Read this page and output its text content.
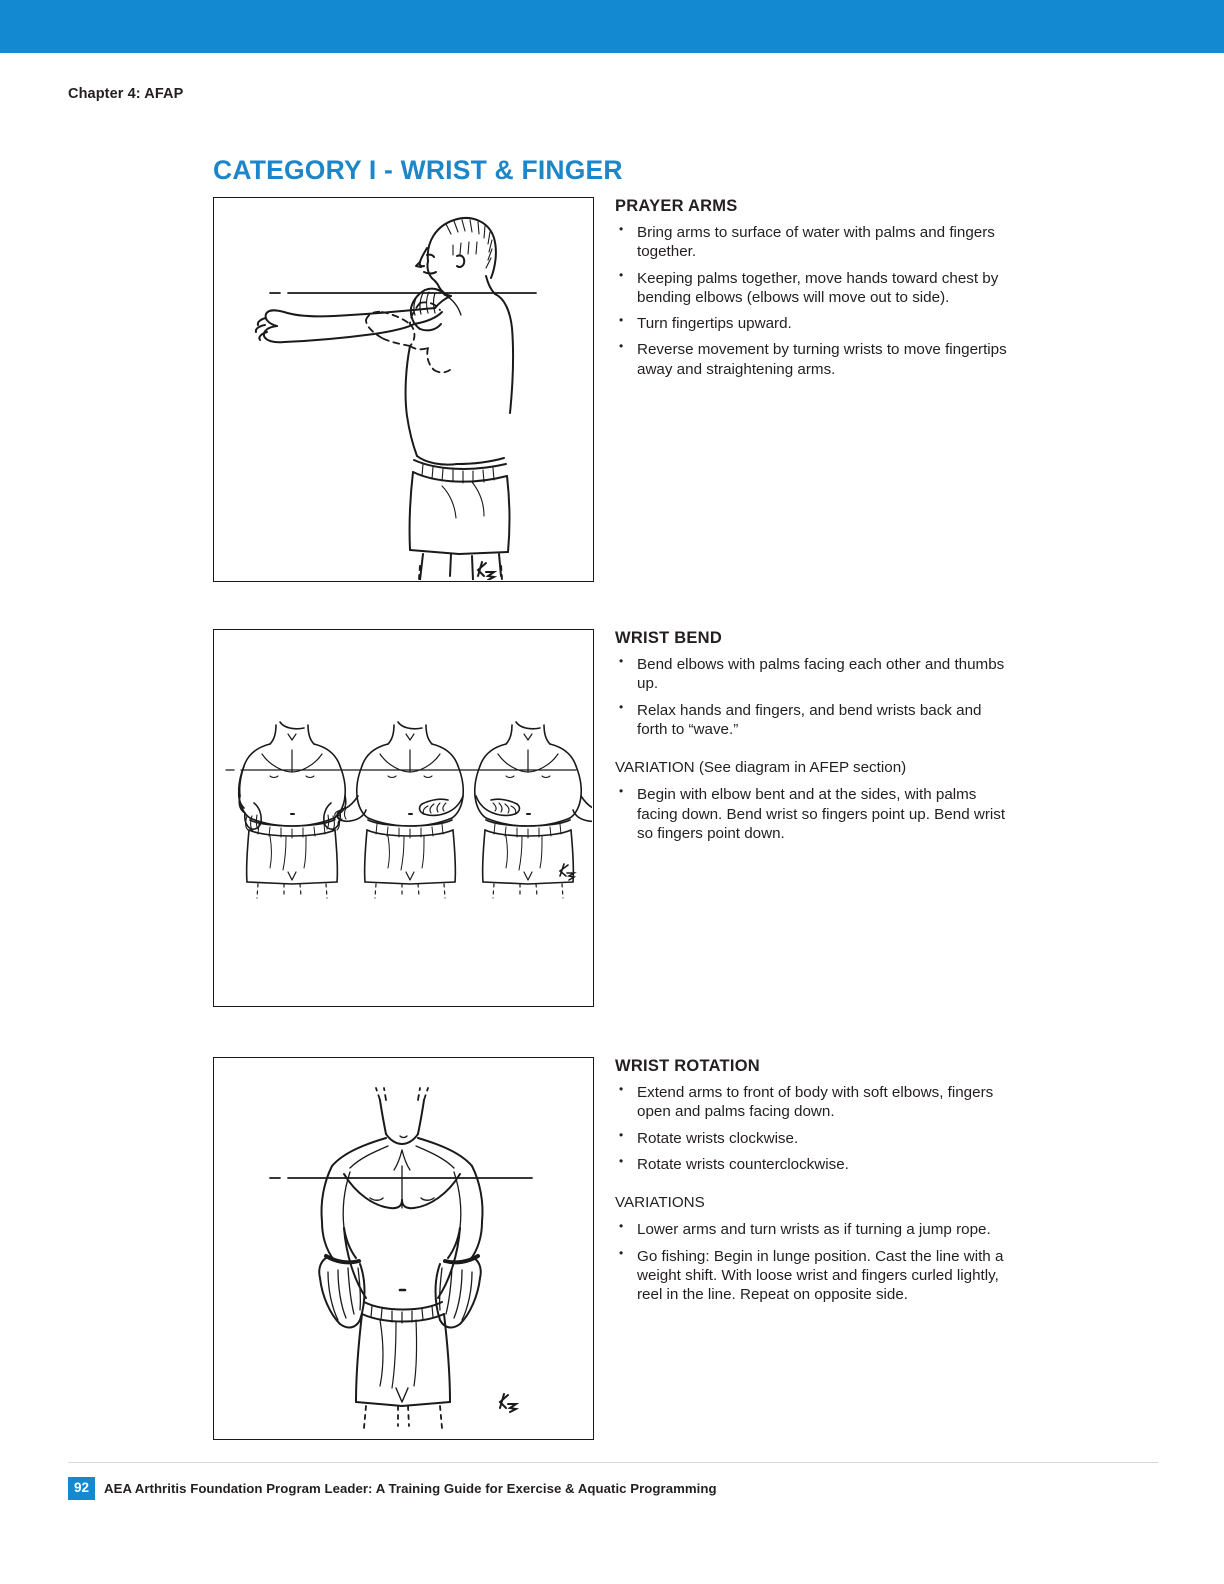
Chapter 4: AFAP
CATEGORY I - WRIST & FINGER
PRAYER ARMS
• Bring arms to surface of water with palms and fingers together.
• Keeping palms together, move hands toward chest by bending elbows (elbows will move out to side).
• Turn fingertips upward.
• Reverse movement by turning wrists to move fingertips away and straightening arms.
WRIST BEND
• Bend elbows with palms facing each other and thumbs up.
• Relax hands and fingers, and bend wrists back and forth to “wave.”
VARIATION (See diagram in AFEP section)
• Begin with elbow bent and at the sides, with palms facing down. Bend wrist so fingers point up. Bend wrist so fingers point down.
WRIST ROTATION
• Extend arms to front of body with soft elbows, fingers open and palms facing down.
• Rotate wrists clockwise.
• Rotate wrists counterclockwise.
VARIATIONS
• Lower arms and turn wrists as if turning a jump rope.
• Go fishing: Begin in lunge position. Cast the line with a weight shift. With loose wrist and fingers curled lightly, reel in the line. Repeat on opposite side.
92	AEA Arthritis Foundation Program Leader: A Training Guide for Exercise & Aquatic Programming
